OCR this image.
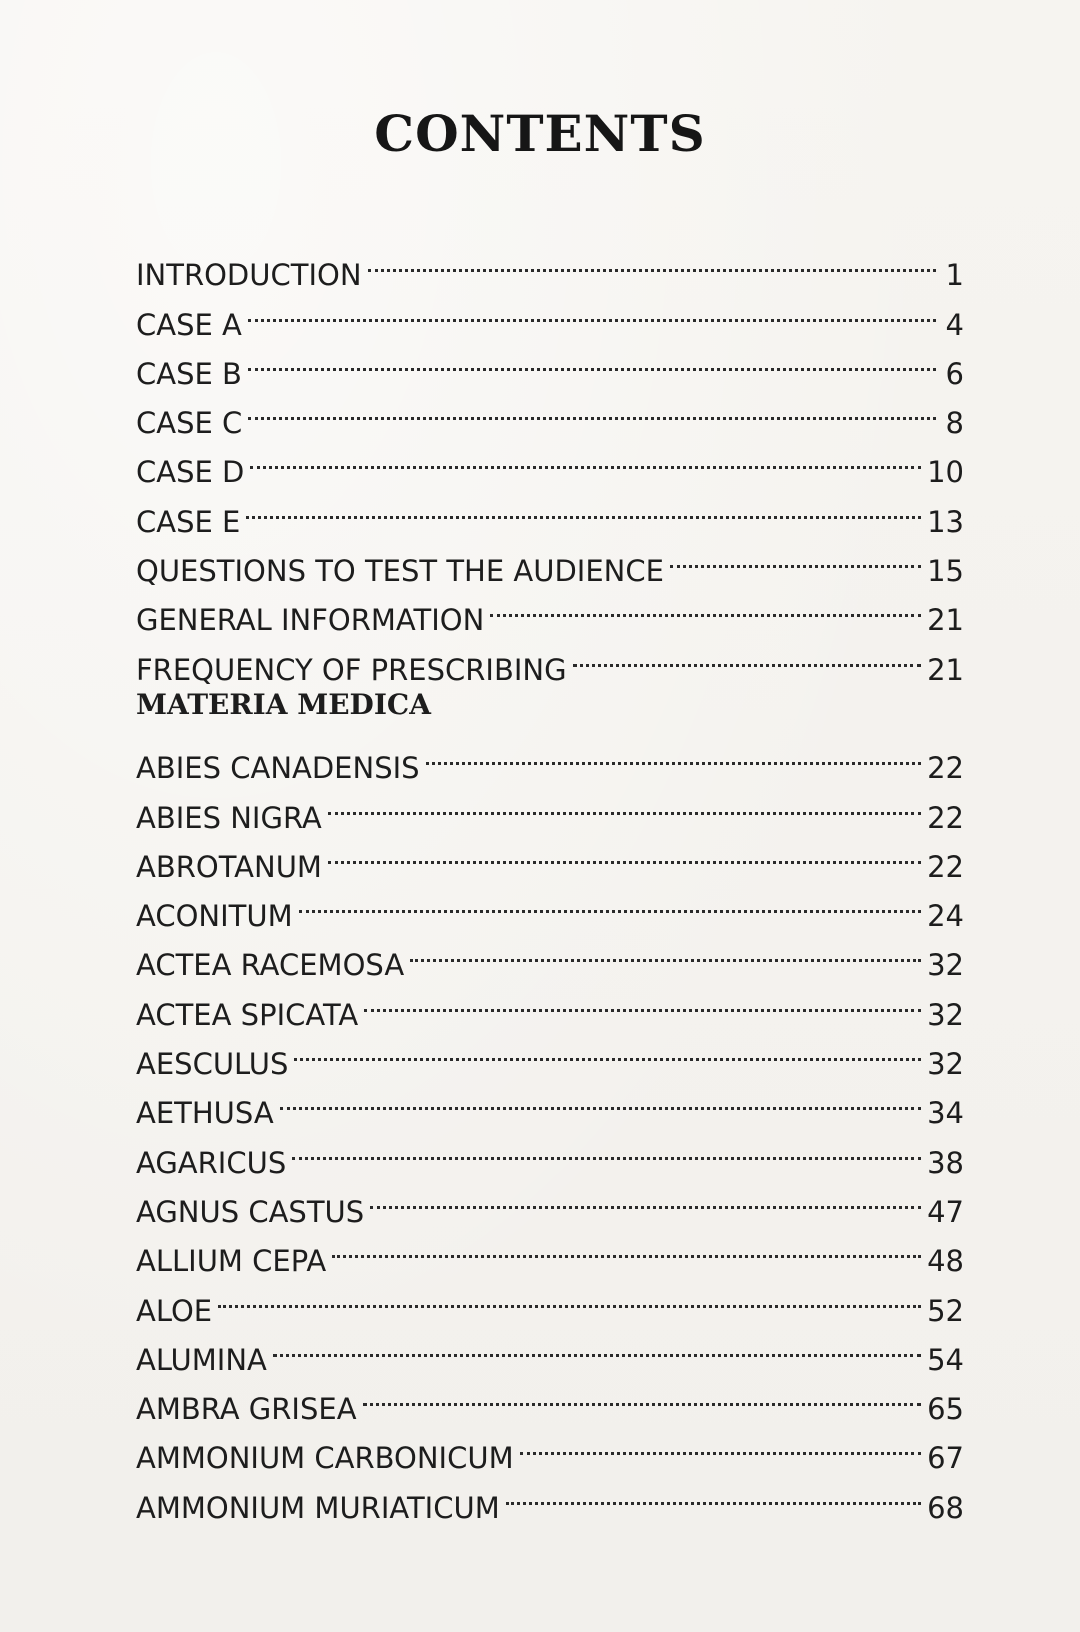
CONTENTS
INTRODUCTION	1
CASE A	4
CASE B	6
CASE C	8
CASE D	10
CASE E	13
QUESTIONS TO TEST THE AUDIENCE	15
GENERAL INFORMATION	21
FREQUENCY OF PRESCRIBING	21
MATERIA MEDICA
ABIES CANADENSIS	22
ABIES NIGRA	22
ABROTANUM	22
ACONITUM	24
ACTEA RACEMOSA	32
ACTEA SPICATA	32
AESCULUS	32
AETHUSA	34
AGARICUS	38
AGNUS CASTUS	47
ALLIUM CEPA	48
ALOE	52
ALUMINA	54
AMBRA GRISEA	65
AMMONIUM CARBONICUM	67
AMMONIUM MURIATICUM	68
